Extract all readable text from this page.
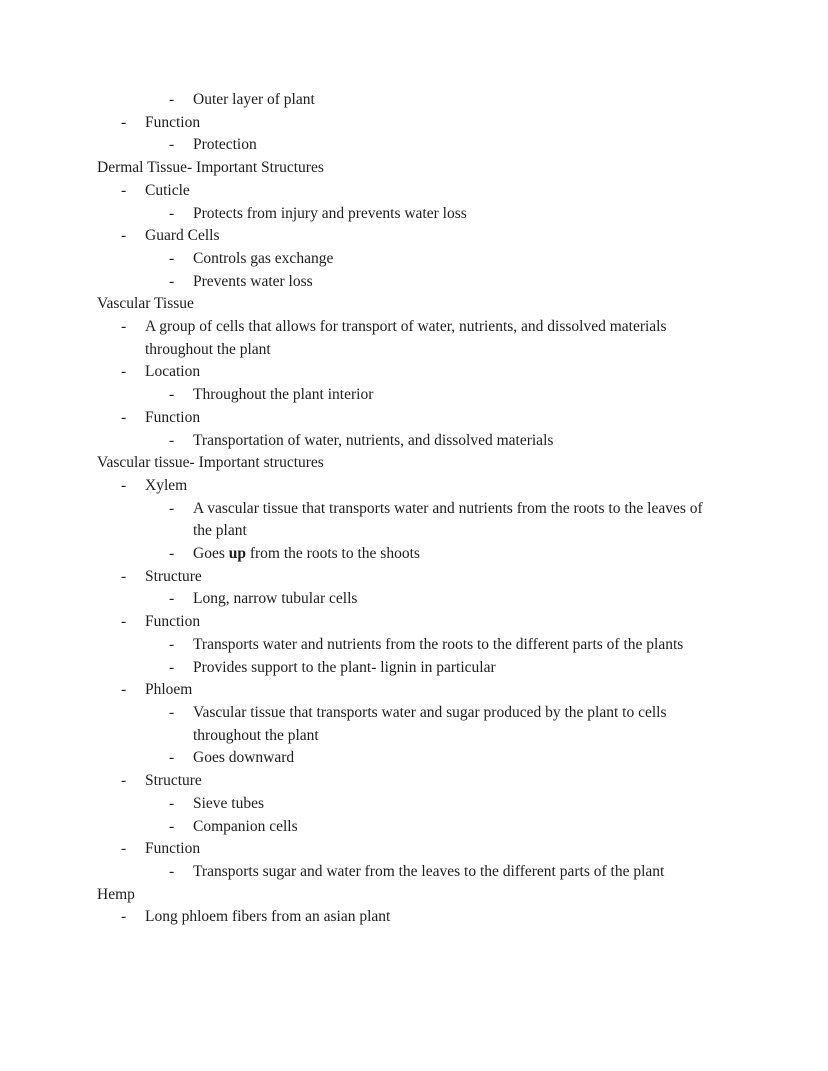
- Outer layer of plant
- Function
- Protection
Dermal Tissue- Important Structures
- Cuticle
- Protects from injury and prevents water loss
- Guard Cells
- Controls gas exchange
- Prevents water loss
Vascular Tissue
- A group of cells that allows for transport of water, nutrients, and dissolved materials throughout the plant
- Location
- Throughout the plant interior
- Function
- Transportation of water, nutrients, and dissolved materials
Vascular tissue- Important structures
- Xylem
- A vascular tissue that transports water and nutrients from the roots to the leaves of the plant
- Goes up from the roots to the shoots
- Structure
- Long, narrow tubular cells
- Function
- Transports water and nutrients from the roots to the different parts of the plants
- Provides support to the plant- lignin in particular
- Phloem
- Vascular tissue that transports water and sugar produced by the plant to cells throughout the plant
- Goes downward
- Structure
- Sieve tubes
- Companion cells
- Function
- Transports sugar and water from the leaves to the different parts of the plant
Hemp
- Long phloem fibers from an asian plant
